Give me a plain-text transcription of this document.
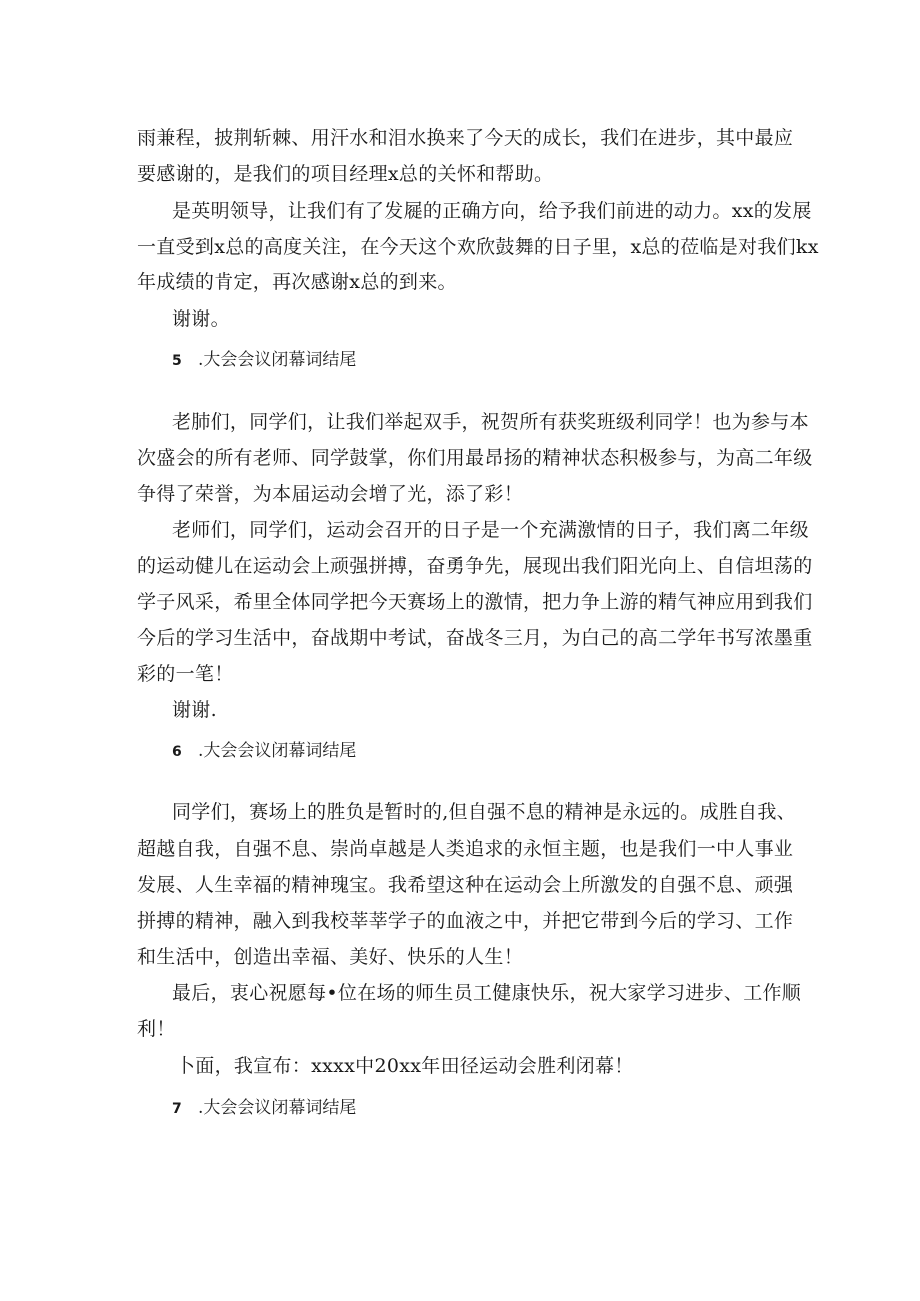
雨兼程，披荆斩棘、用汗水和泪水换来了今天的成长，我们在进步，其中最应
要感谢的，是我们的项目经理x总的关怀和帮助。
是英明领导，让我们有了发屣的正确方向，给予我们前进的动力。xx的发展
一直受到x总的高度关注，在今天这个欢欣鼓舞的日子里，x总的莅临是对我们kx
年成绩的肯定，再次感谢x总的到来。
谢谢。
5 .大会会议闭幕词结尾
老肺们，同学们，让我们举起双手，祝贺所有获奖班级利同学！也为参与本
次盛会的所有老师、同学鼓掌，你们用最昂扬的精神状态积极参与，为高二年级
争得了荣誉，为本届运动会增了光，添了彩！
老师们，同学们，运动会召开的日子是一个充满激情的日子，我们离二年级
的运动健儿在运动会上顽强拼搏，奋勇争先，展现出我们阳光向上、自信坦荡的
学子风采，希里全体同学把今天赛场上的激情，把力争上游的精气神应用到我们
今后的学习生活中，奋战期中考试，奋战冬三月，为白己的高二学年书写浓墨重
彩的一笔！
谢谢.
6 .大会会议闭幕词结尾
同学们，赛场上的胜负是暂时的,但自强不息的精神是永远的。成胜自我、
超越自我，自强不息、崇尚卓越是人类追求的永恒主题，也是我们一中人事业
发展、人生幸福的精神瑰宝。我希望这种在运动会上所激发的自强不息、顽强
拼搏的精神，融入到我校莘莘学子的血液之中，并把它带到今后的学习、工作
和生活中，创造出幸福、美好、快乐的人生！
最后，衷心祝愿每•位在场的师生员工健康快乐，祝大家学习进步、工作顺
利！
卜面，我宣布：xxxx中20xx年田径运动会胜利闭幕！
7 .大会会议闭幕词结尾
